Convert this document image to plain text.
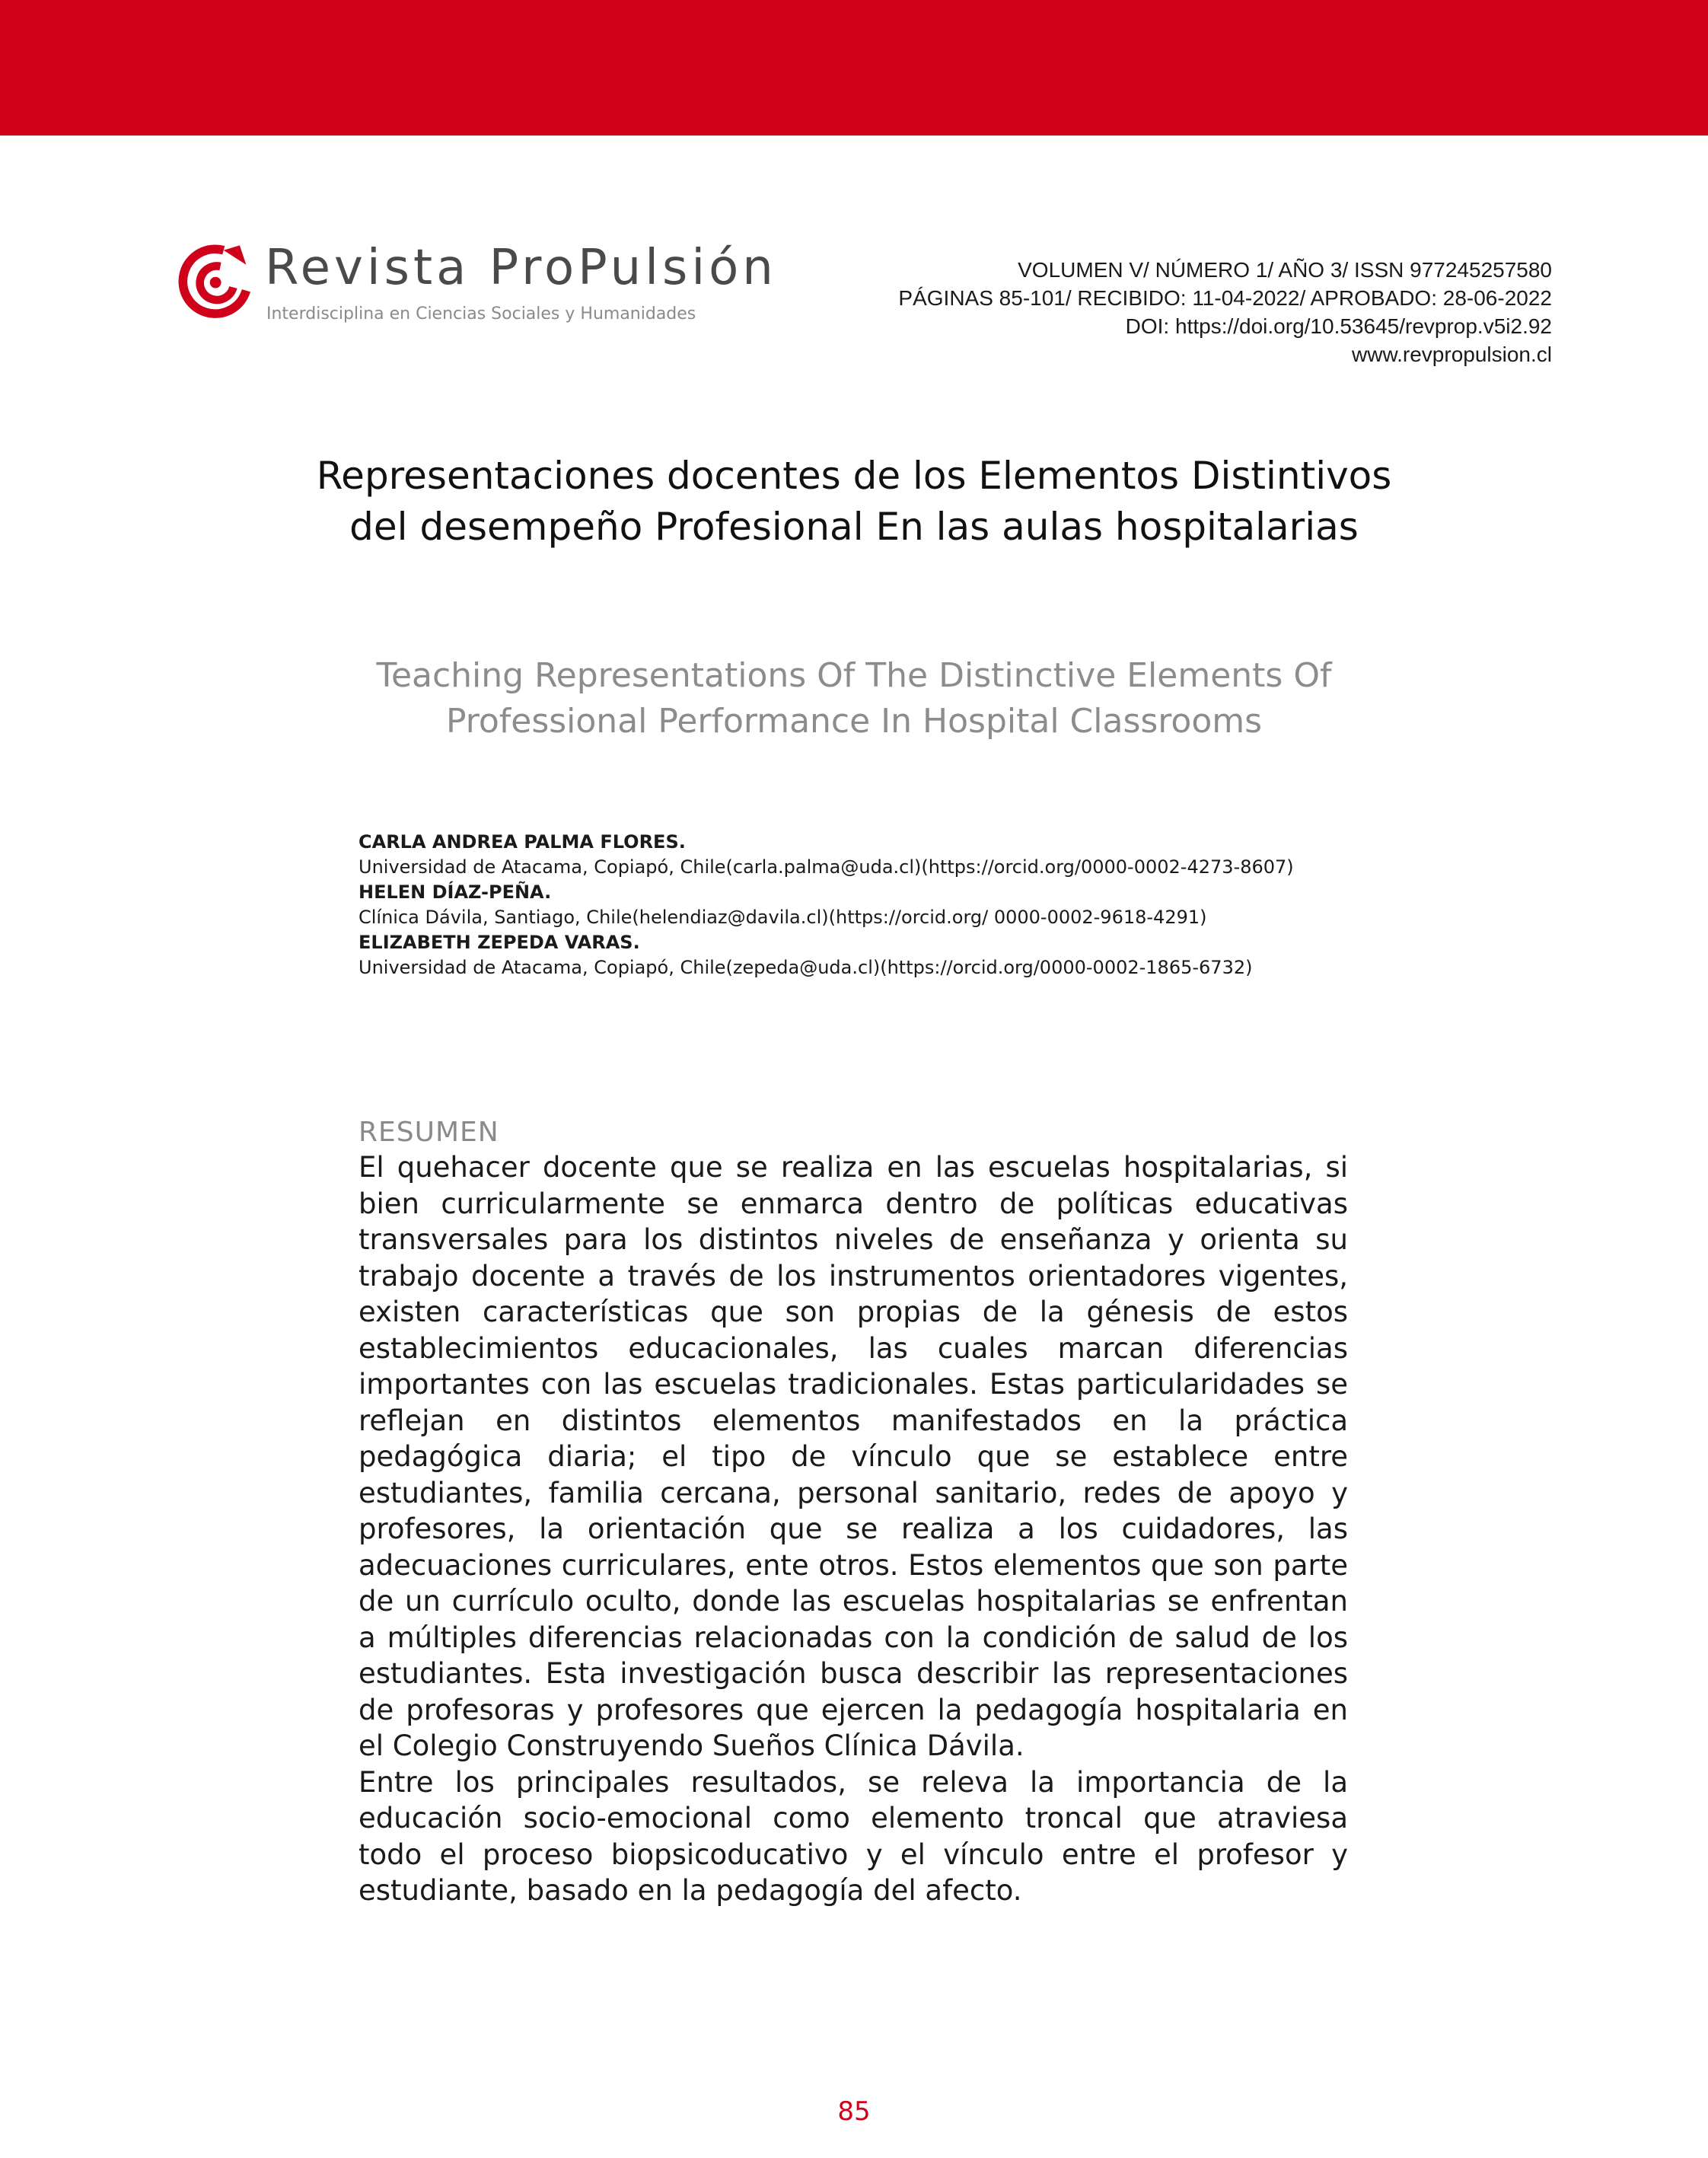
Revista ProPulsión
Interdisciplina en Ciencias Sociales y Humanidades
VOLUMEN V/ NÚMERO 1/ AÑO 3/ ISSN 977245257580
PÁGINAS 85-101/ RECIBIDO: 11-04-2022/ APROBADO: 28-06-2022
DOI: https://doi.org/10.53645/revprop.v5i2.92
www.revpropulsion.cl
Representaciones docentes de los Elementos Distintivos del desempeño Profesional En las aulas hospitalarias
Teaching Representations Of The Distinctive Elements Of Professional Performance In Hospital Classrooms
CARLA ANDREA PALMA FLORES.
Universidad de Atacama, Copiapó, Chile(carla.palma@uda.cl)(https://orcid.org/0000-0002-4273-8607)
HELEN DÍAZ-PEÑA.
Clínica Dávila, Santiago, Chile(helendiaz@davila.cl)(https://orcid.org/ 0000-0002-9618-4291)
ELIZABETH ZEPEDA VARAS.
Universidad de Atacama, Copiapó, Chile(zepeda@uda.cl)(https://orcid.org/0000-0002-1865-6732)
RESUMEN

El quehacer docente que se realiza en las escuelas hospitalarias, si bien curricularmente se enmarca dentro de políticas educativas transversales para los distintos niveles de enseñanza y orienta su trabajo docente a través de los instrumentos orientadores vigentes, existen características que son propias de la génesis de estos establecimientos educacionales, las cuales marcan diferencias importantes con las escuelas tradicionales. Estas particularidades se reflejan en distintos elementos manifestados en la práctica pedagógica diaria; el tipo de vínculo que se establece entre estudiantes, familia cercana, personal sanitario, redes de apoyo y profesores, la orientación que se realiza a los cuidadores, las adecuaciones curriculares, ente otros. Estos elementos que son parte de un currículo oculto, donde las escuelas hospitalarias se enfrentan a múltiples diferencias relacionadas con la condición de salud de los estudiantes. Esta investigación busca describir las representaciones de profesoras y profesores que ejercen la pedagogía hospitalaria en el Colegio Construyendo Sueños Clínica Dávila.

Entre los principales resultados, se releva la importancia de la educación socio-emocional como elemento troncal que atraviesa todo el proceso biopsicoducativo y el vínculo entre el profesor y estudiante, basado en la pedagogía del afecto.

85
